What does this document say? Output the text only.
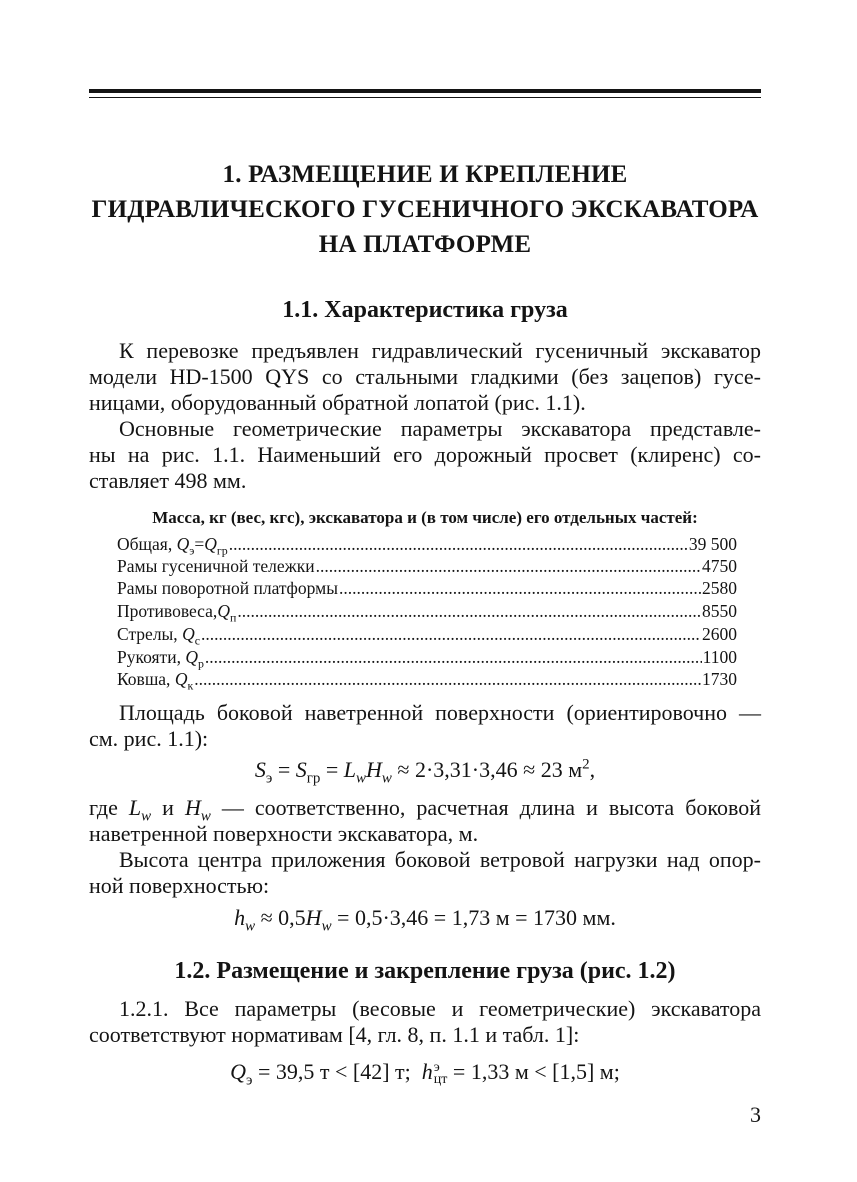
1. РАЗМЕЩЕНИЕ И КРЕПЛЕНИЕ
ГИДРАВЛИЧЕСКОГО ГУСЕНИЧНОГО ЭКСКАВАТОРА
НА ПЛАТФОРМЕ
1.1. Характеристика груза
К перевозке предъявлен гидравлический гусеничный экскаватор
модели HD-1500 QYS со стальными гладкими (без зацепов) гусе-
ницами, оборудованный обратной лопатой (рис. 1.1).
Основные геометрические параметры экскаватора представле-
ны на рис. 1.1. Наименьший его дорожный просвет (клиренс) со-
ставляет 498 мм.
Масса, кг (вес, кгс), экскаватора и (в том числе) его отдельных частей:
Общая, $Q_э=Q_{гр}$ .....	39 500
Рамы гусеничной тележки .....	4750
Рамы поворотной платформы .....	2580
$Противовеса,Q_п$ .....	8550
Стрелы, $Q_с$ .....	2600
Рукояти, $Q_р$ .....	1100
Ковша, $Q_к$ .....	1730
Площадь боковой наветренной поверхности (ориентировочно —
см. рис. 1.1):
$S_э = S_{гр} = L_wH_w \approx 2\cdot 3,31\cdot 3,46 \approx 23$ $м^2$,
где $L_w$ и $H_w$ — соответственно, расчетная длина и высота боковой
наветренной поверхности экскаватора, м.
Высота центра приложения боковой ветровой нагрузки над опор-
ной поверхностью:
$h_w \approx 0,5H_w = 0,5\cdot 3,46 = 1,73$ м = 1730 мм.
1.2. Размещение и закрепление груза (рис. 1.2)
1.2.1. Все параметры (весовые и геометрические) экскаватора
соответствуют нормативам [4, гл. 8, п. 1.1 и табл. 1]:
$Q_э = 39,5$ т < [42] т;  h э
цт = 1,33 м < [1,5] м;
3
